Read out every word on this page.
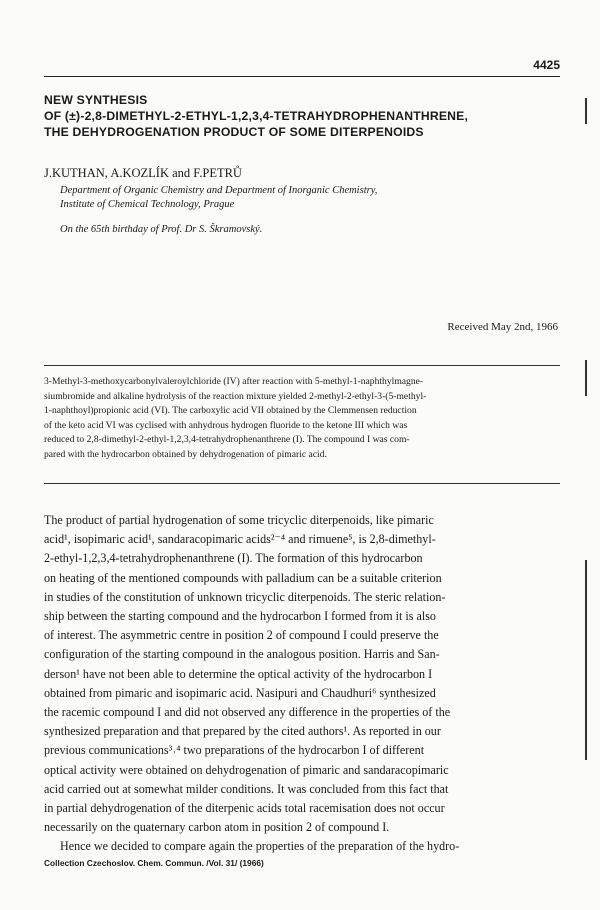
4425
NEW SYNTHESIS
OF (±)-2,8-DIMETHYL-2-ETHYL-1,2,3,4-TETRAHYDROPHENANTHRENE,
THE DEHYDROGENATION PRODUCT OF SOME DITERPENOIDS
J.KUTHAN, A.KOZLÍK and F.PETRŮ
Department of Organic Chemistry and Department of Inorganic Chemistry,
Institute of Chemical Technology, Prague
On the 65th birthday of Prof. Dr S. Škramovský.
Received May 2nd, 1966
3-Methyl-3-methoxycarbonylvaleroylchloride (IV) after reaction with 5-methyl-1-naphthylmagne-
siumbromide and alkaline hydrolysis of the reaction mixture yielded 2-methyl-2-ethyl-3-(5-methyl-
1-naphthoyl)propionic acid (VI). The carboxylic acid VII obtained by the Clemmensen reduction
of the keto acid VI was cyclised with anhydrous hydrogen fluoride to the ketone III which was
reduced to 2,8-dimethyl-2-ethyl-1,2,3,4-tetrahydrophenanthrene (I). The compound I was com-
pared with the hydrocarbon obtained by dehydrogenation of pimaric acid.
The product of partial hydrogenation of some tricyclic diterpenoids, like pimaric
acid¹, isopimaric acid¹, sandaracopimaric acids²⁻⁴ and rimuene⁵, is 2,8-dimethyl-
2-ethyl-1,2,3,4-tetrahydrophenanthrene (I). The formation of this hydrocarbon
on heating of the mentioned compounds with palladium can be a suitable criterion
in studies of the constitution of unknown tricyclic diterpenoids. The steric relation-
ship between the starting compound and the hydrocarbon I formed from it is also
of interest. The asymmetric centre in position 2 of compound I could preserve the
configuration of the starting compound in the analogous position. Harris and San-
derson¹ have not been able to determine the optical activity of the hydrocarbon I
obtained from pimaric and isopimaric acid. Nasipuri and Chaudhuri⁶ synthesized
the racemic compound I and did not observed any difference in the properties of the
synthesized preparation and that prepared by the cited authors¹. As reported in our
previous communications³˒⁴ two preparations of the hydrocarbon I of different
optical activity were obtained on dehydrogenation of pimaric and sandaracopimaric
acid carried out at somewhat milder conditions. It was concluded from this fact that
in partial dehydrogenation of the diterpenic acids total racemisation does not occur
necessarily on the quaternary carbon atom in position 2 of compound I.
Hence we decided to compare again the properties of the preparation of the hydro-
Collection Czechoslov. Chem. Commun. /Vol. 31/ (1966)
